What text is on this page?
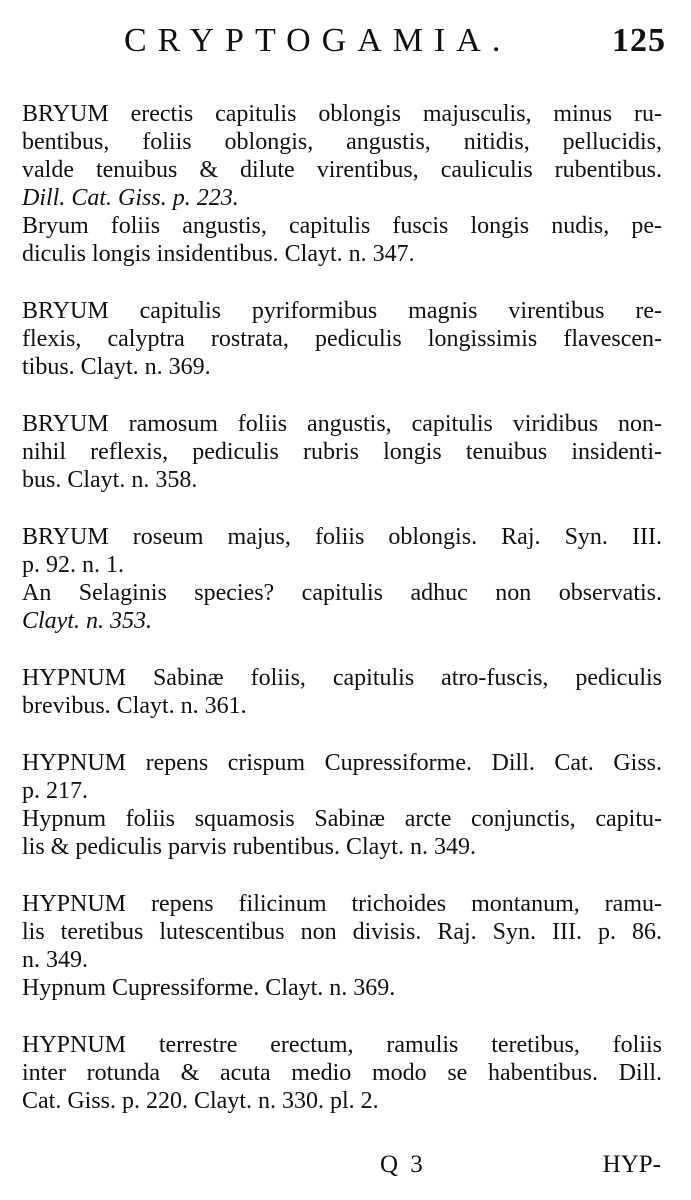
CRYPTOGAMIA.	125
BRYUM erectis capitulis oblongis majusculis, minus ru-
bentibus, foliis oblongis, angustis, nitidis, pellucidis,
valde tenuibus & dilute virentibus, cauliculis rubentibus.
Dill. Cat. Giss. p. 223.
Bryum foliis angustis, capitulis fuscis longis nudis, pe-
diculis longis insidentibus. Clayt. n. 347.
BRYUM capitulis pyriformibus magnis virentibus re-
flexis, calyptra rostrata, pediculis longissimis flavescen-
tibus. Clayt. n. 369.
BRYUM ramosum foliis angustis, capitulis viridibus non-
nihil reflexis, pediculis rubris longis tenuibus insidenti-
bus. Clayt. n. 358.
BRYUM roseum majus, foliis oblongis. Raj. Syn. III.
p. 92. n. 1.
An Selaginis species? capitulis adhuc non observatis.
Clayt. n. 353.
HYPNUM Sabinæ foliis, capitulis atro-fuscis, pediculis
brevibus. Clayt. n. 361.
HYPNUM repens crispum Cupressiforme. Dill. Cat. Giss.
p. 217.
Hypnum foliis squamosis Sabinæ arcte conjunctis, capitu-
lis & pediculis parvis rubentibus. Clayt. n. 349.
HYPNUM repens filicinum trichoides montanum, ramu-
lis teretibus lutescentibus non divisis. Raj. Syn. III. p. 86.
n. 349.
Hypnum Cupressiforme. Clayt. n. 369.
HYPNUM terrestre erectum, ramulis teretibus, foliis
inter rotunda & acuta medio modo se habentibus. Dill.
Cat. Giss. p. 220. Clayt. n. 330. pl. 2.
Q 3	HYP-
